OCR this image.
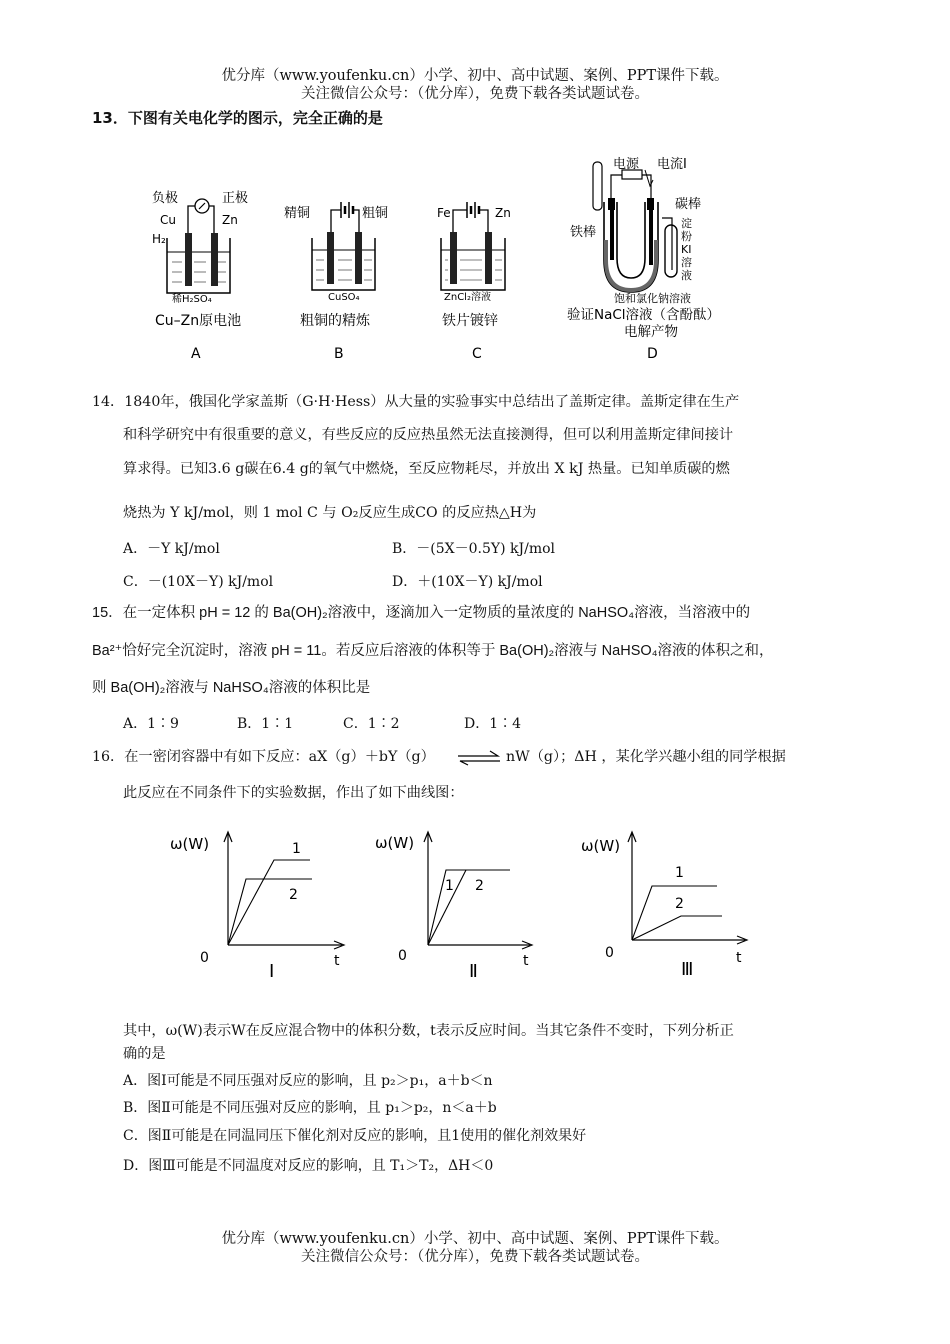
优分库（www.youfenku.cn）小学、初中、高中试题、案例、PPT课件下载。
关注微信公众号：（优分库），免费下载各类试题试卷。
13．下图有关电化学的图示，完全正确的是
负极	正极
Cu	Zn
H₂
稀H₂SO₄
Cu–Zn原电池
A
精铜	粗铜
CuSO₄
粗铜的精炼
B
Fe	Zn
ZnCl₂溶液
铁片镀锌
C
电源 电流I
碳棒
铁棒
淀
粉
KI
溶
液
饱和氯化钠溶液
验证NaCl溶液（含酚酞）
电解产物
D
14．1840年，俄国化学家盖斯（G·H·Hess）从大量的实验事实中总结出了盖斯定律。盖斯定律在生产
和科学研究中有很重要的意义，有些反应的反应热虽然无法直接测得，但可以利用盖斯定律间接计
算求得。已知3.6 g碳在6.4 g的氧气中燃烧，至反应物耗尽，并放出 X kJ 热量。已知单质碳的燃
烧热为 Y kJ/mol，则 1 mol C 与 O₂反应生成CO 的反应热△H为
A．－Y kJ/mol	B．－(5X－0.5Y) kJ/mol
C．－(10X－Y) kJ/mol	D．＋(10X－Y) kJ/mol
15．在一定体积 pH = 12 的 Ba(OH)₂溶液中，逐滴加入一定物质的量浓度的 NaHSO₄溶液，当溶液中的
Ba²⁺恰好完全沉淀时，溶液 pH = 11。若反应后溶液的体积等于 Ba(OH)₂溶液与 NaHSO₄溶液的体积之和，
则 Ba(OH)₂溶液与 NaHSO₄溶液的体积比是
A．1∶9	B．1∶1	C．1∶2	D．1∶4
16．在一密闭容器中有如下反应：aX（g）＋bY（g） ⇌ nW（g）；ΔH ，某化学兴趣小组的同学根据
此反应在不同条件下的实验数据，作出了如下曲线图：
ω(W)	1
2
0	t
Ⅰ
ω(W)
1 2
0	t
Ⅱ
ω(W)
1
2
0	t
Ⅲ
其中，ω(W)表示W在反应混合物中的体积分数，t表示反应时间。当其它条件不变时，下列分析正
确的是
A．图Ⅰ可能是不同压强对反应的影响，且 p₂＞p₁，a＋b＜n
B．图Ⅱ可能是不同压强对反应的影响，且 p₁＞p₂，n＜a＋b
C．图Ⅱ可能是在同温同压下催化剂对反应的影响，且1使用的催化剂效果好
D．图Ⅲ可能是不同温度对反应的影响，且 T₁＞T₂，ΔH＜0
优分库（www.youfenku.cn）小学、初中、高中试题、案例、PPT课件下载。
关注微信公众号：（优分库），免费下载各类试题试卷。
